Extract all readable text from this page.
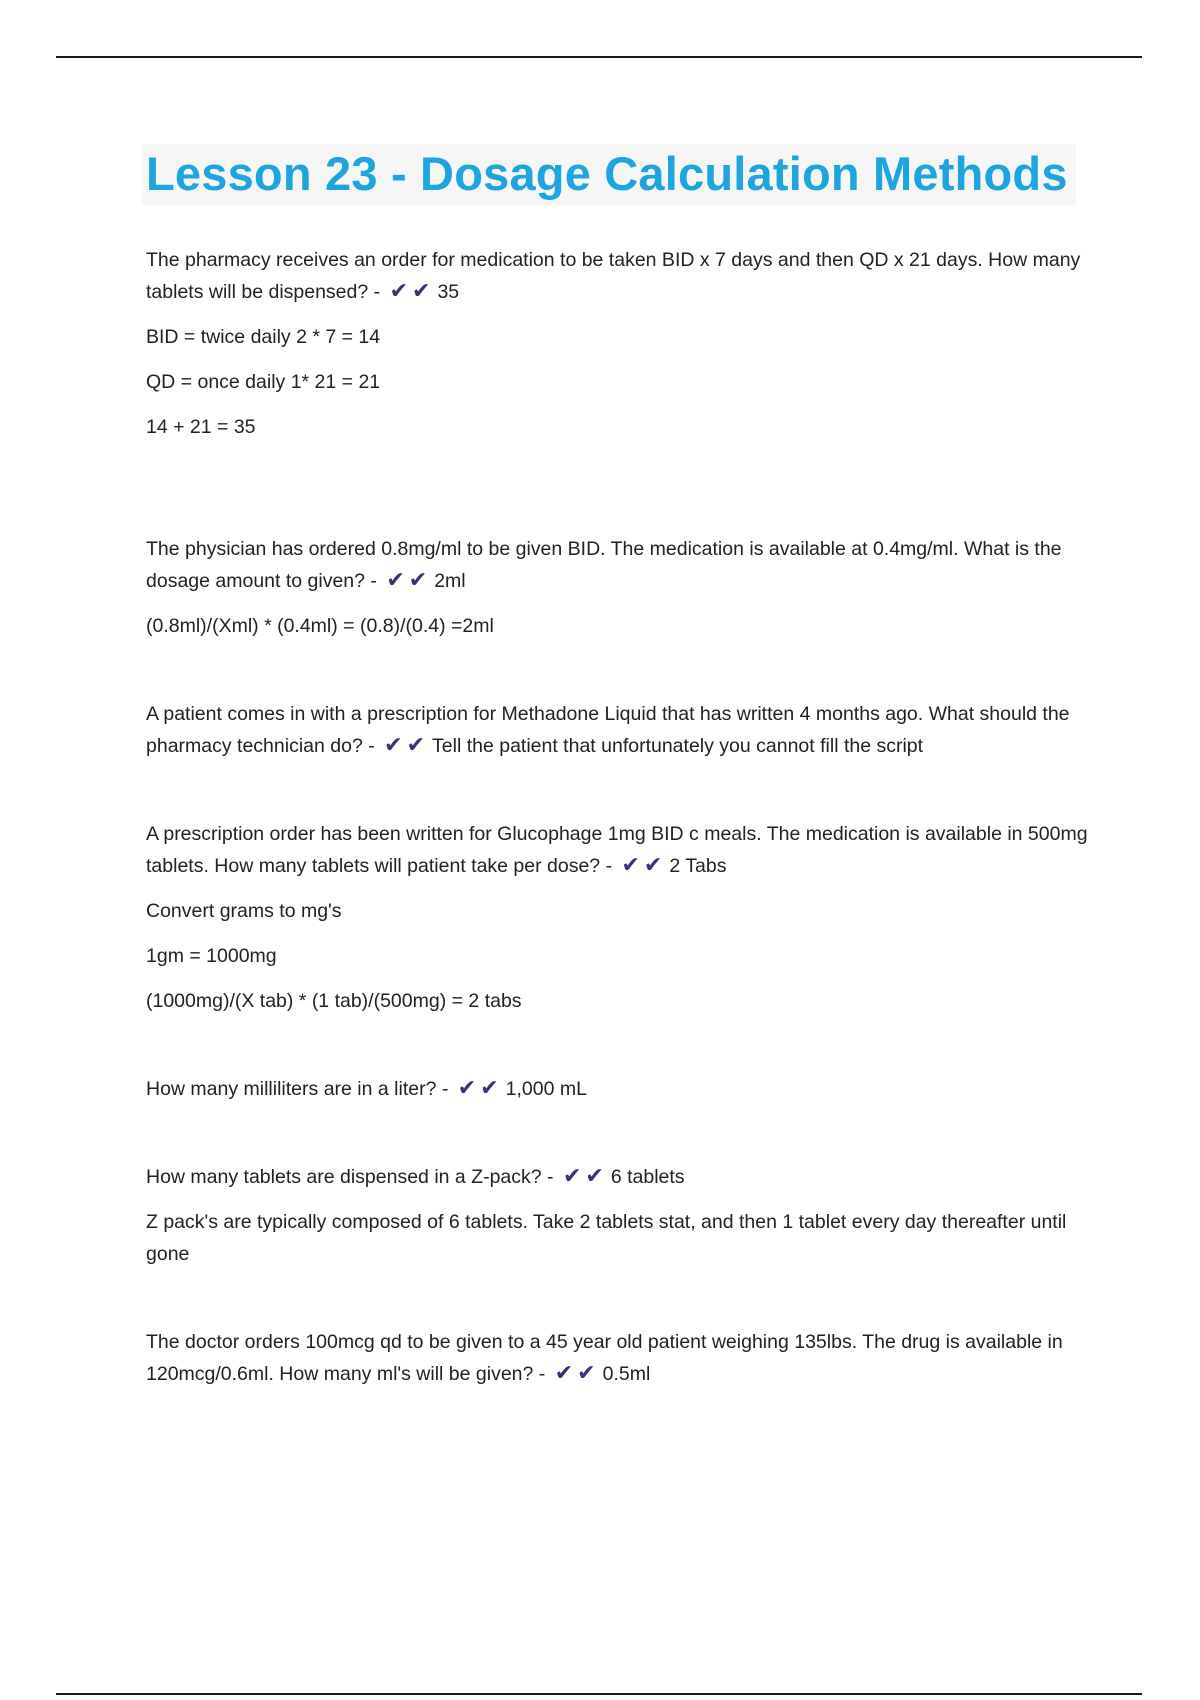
Lesson 23 - Dosage Calculation Methods

The pharmacy receives an order for medication to be taken BID x 7 days and then QD x 21 days. How many tablets will be dispensed? - ✔✔ 35

BID = twice daily 2 * 7 = 14

QD = once daily 1* 21 = 21

14 + 21 = 35

The physician has ordered 0.8mg/ml to be given BID. The medication is available at 0.4mg/ml. What is the dosage amount to given? - ✔✔ 2ml

(0.8ml)/(Xml) * (0.4ml) = (0.8)/(0.4) =2ml

A patient comes in with a prescription for Methadone Liquid that has written 4 months ago. What should the pharmacy technician do? - ✔✔ Tell the patient that unfortunately you cannot fill the script

A prescription order has been written for Glucophage 1mg BID c meals. The medication is available in 500mg tablets. How many tablets will patient take per dose? - ✔✔ 2 Tabs

Convert grams to mg's

1gm = 1000mg

(1000mg)/(X tab) * (1 tab)/(500mg) = 2 tabs

How many milliliters are in a liter? - ✔✔ 1,000 mL

How many tablets are dispensed in a Z-pack? - ✔✔ 6 tablets

Z pack's are typically composed of 6 tablets. Take 2 tablets stat, and then 1 tablet every day thereafter until gone

The doctor orders 100mcg qd to be given to a 45 year old patient weighing 135lbs. The drug is available in 120mcg/0.6ml. How many ml's will be given? - ✔✔ 0.5ml
